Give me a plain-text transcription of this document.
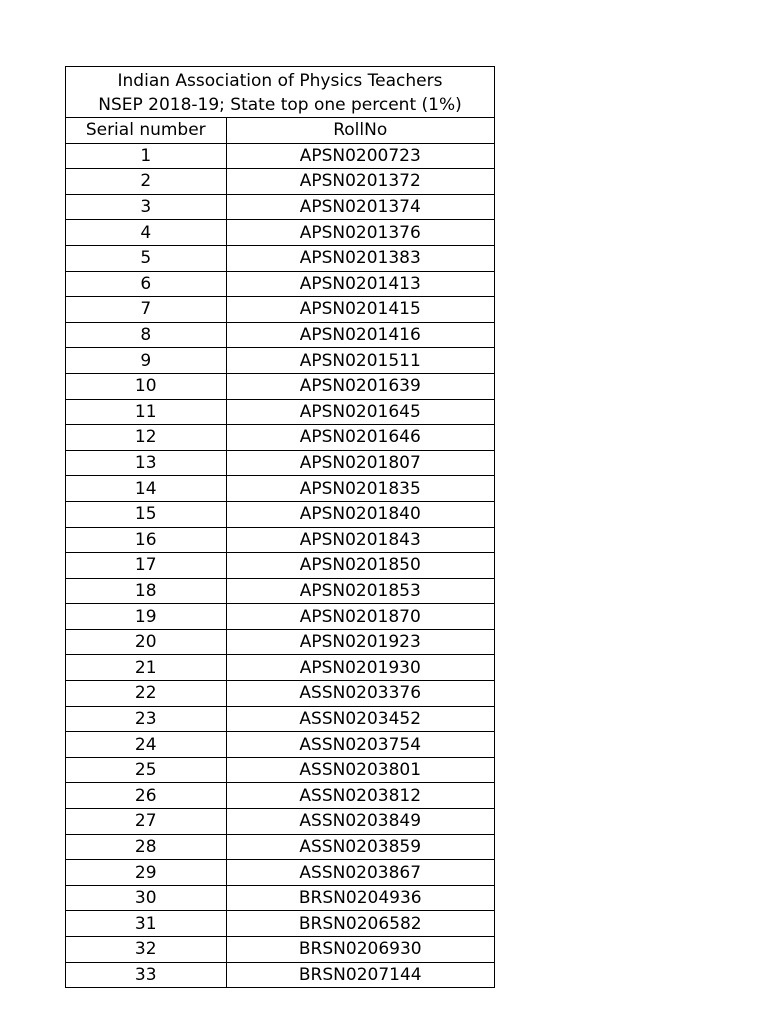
Indian Association of Physics Teachers
NSEP 2018-19; State top one percent (1%)
Serial number	RollNo
1	APSN0200723
2	APSN0201372
3	APSN0201374
4	APSN0201376
5	APSN0201383
6	APSN0201413
7	APSN0201415
8	APSN0201416
9	APSN0201511
10	APSN0201639
11	APSN0201645
12	APSN0201646
13	APSN0201807
14	APSN0201835
15	APSN0201840
16	APSN0201843
17	APSN0201850
18	APSN0201853
19	APSN0201870
20	APSN0201923
21	APSN0201930
22	ASSN0203376
23	ASSN0203452
24	ASSN0203754
25	ASSN0203801
26	ASSN0203812
27	ASSN0203849
28	ASSN0203859
29	ASSN0203867
30	BRSN0204936
31	BRSN0206582
32	BRSN0206930
33	BRSN0207144
